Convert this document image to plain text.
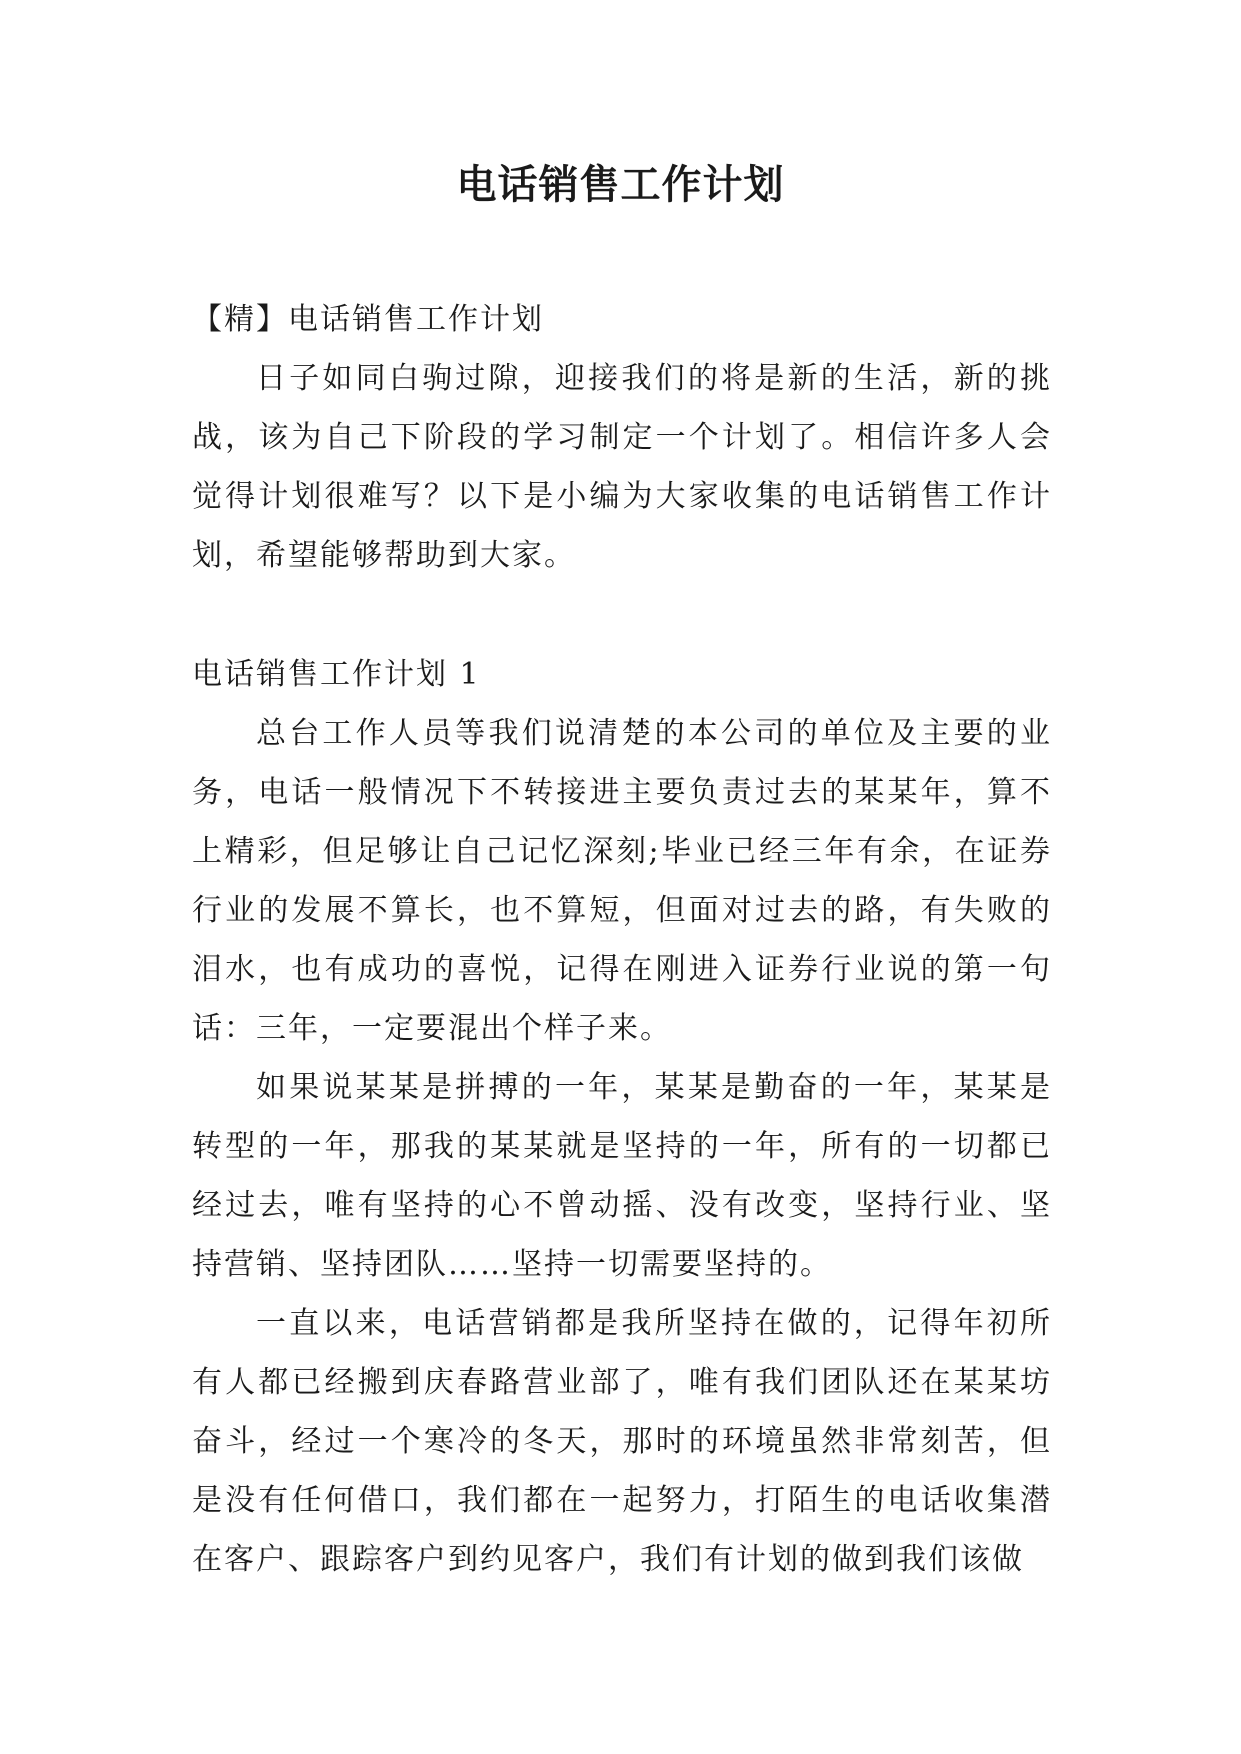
电话销售工作计划

【精】电话销售工作计划

日子如同白驹过隙，迎接我们的将是新的生活，新的挑战，该为自己下阶段的学习制定一个计划了。相信许多人会觉得计划很难写？以下是小编为大家收集的电话销售工作计划，希望能够帮助到大家。

电话销售工作计划 1

总台工作人员等我们说清楚的本公司的单位及主要的业务，电话一般情况下不转接进主要负责过去的某某年，算不上精彩，但足够让自己记忆深刻;毕业已经三年有余，在证券行业的发展不算长，也不算短，但面对过去的路，有失败的泪水，也有成功的喜悦，记得在刚进入证券行业说的第一句话：三年，一定要混出个样子来。

如果说某某是拼搏的一年，某某是勤奋的一年，某某是转型的一年，那我的某某就是坚持的一年，所有的一切都已经过去，唯有坚持的心不曾动摇、没有改变，坚持行业、坚持营销、坚持团队……坚持一切需要坚持的。

一直以来，电话营销都是我所坚持在做的，记得年初所有人都已经搬到庆春路营业部了，唯有我们团队还在某某坊奋斗，经过一个寒冷的冬天，那时的环境虽然非常刻苦，但是没有任何借口，我们都在一起努力，打陌生的电话收集潜在客户、跟踪客户到约见客户，我们有计划的做到我们该做
